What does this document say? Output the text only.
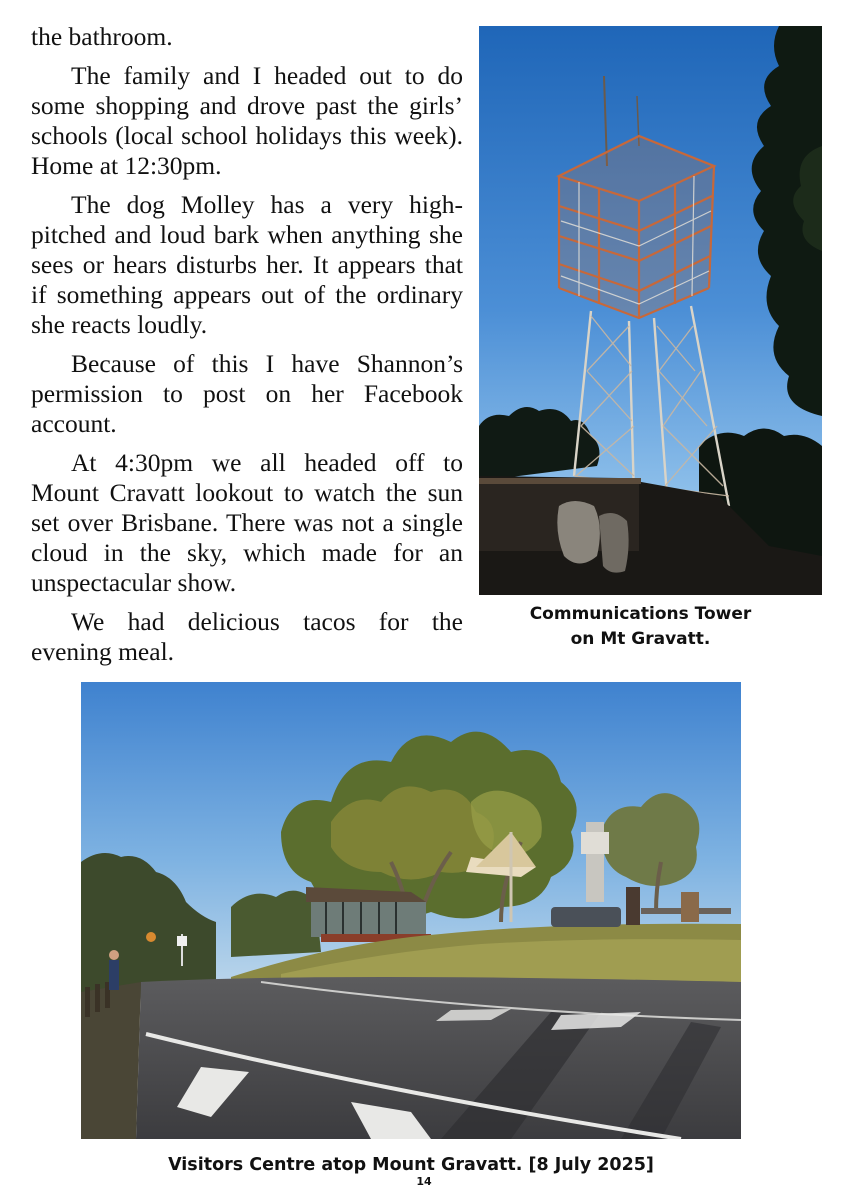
the bathroom.

The family and I headed out to do some shopping and drove past the girls’ schools (local school holidays this week). Home at 12:30pm.

The dog Molley has a very high-pitched and loud bark when anything she sees or hears disturbs her. It appears that if something appears out of the ordinary she reacts loudly.

Because of this I have Shannon’s permission to post on her Facebook account.

At 4:30pm we all headed off to Mount Cravatt lookout to watch the sun set over Brisbane. There was not a single cloud in the sky, which made for an unspectacular show.

We had delicious tacos for the evening meal.

Communications Tower
on Mt Gravatt.
Visitors Centre atop Mount Gravatt. [8 July 2025]
14
